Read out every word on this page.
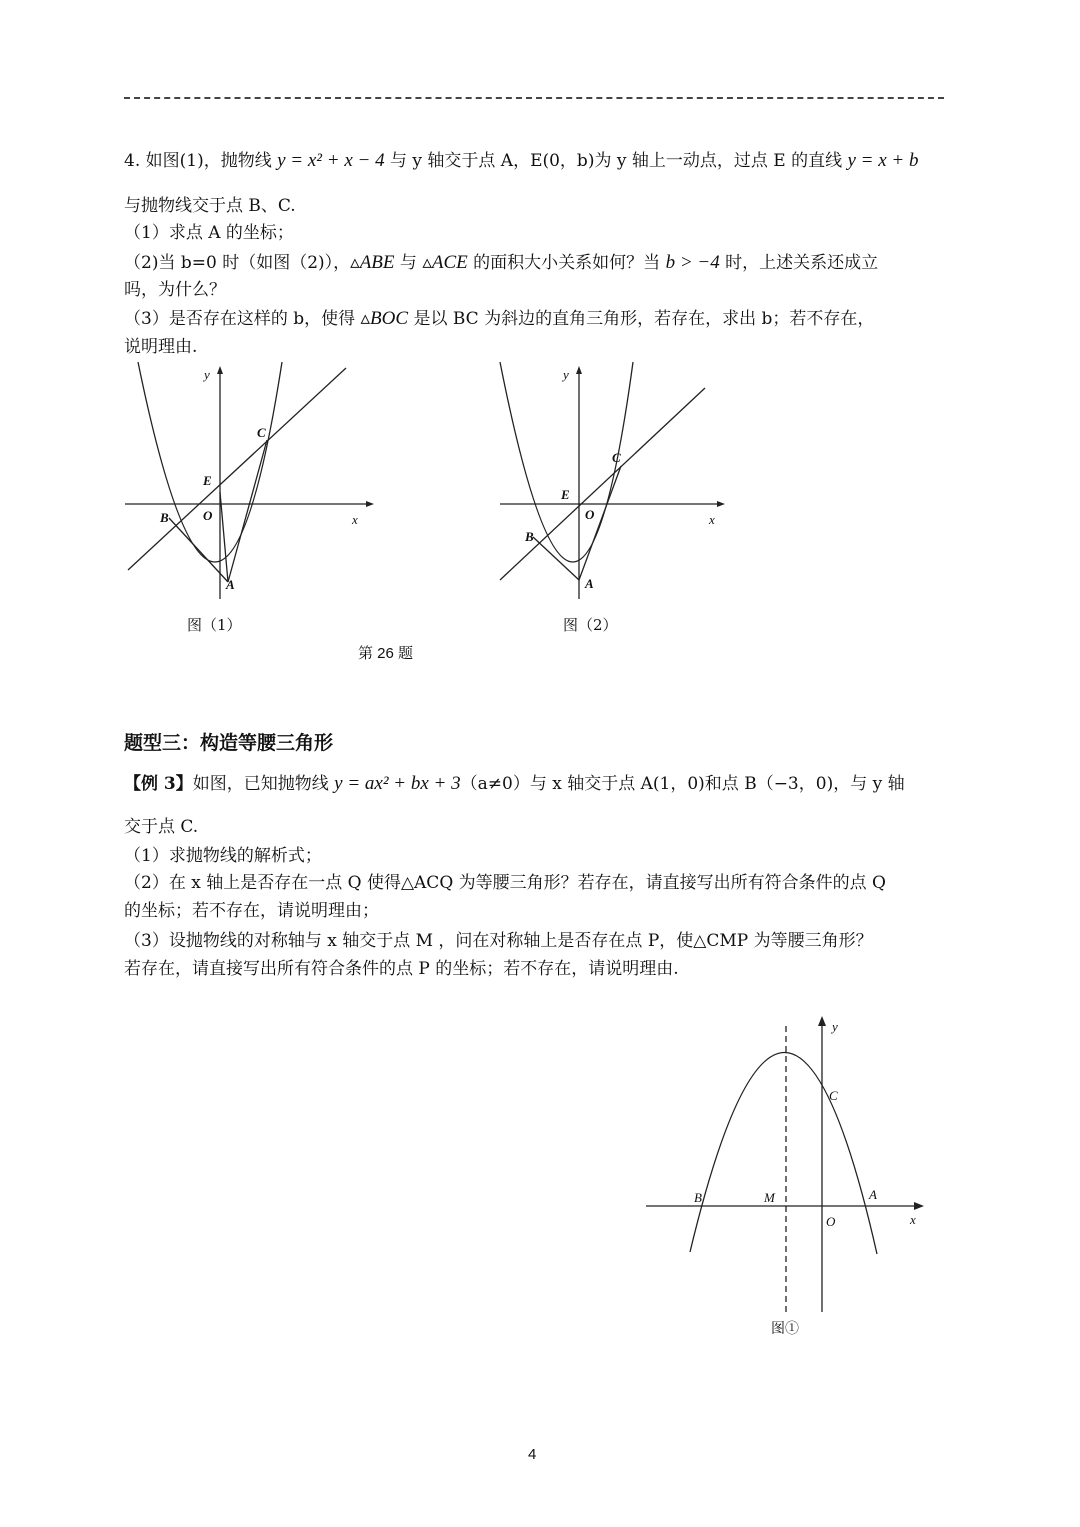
4. 如图(1)，抛物线 y = x² + x − 4 与 y 轴交于点 A，E(0，b)为 y 轴上一动点，过点 E 的直线 y = x + b
与抛物线交于点 B、C.
（1）求点 A 的坐标；
（2)当 b=0 时（如图（2)），▵ABE 与 ▵ACE 的面积大小关系如何？当 b > −4 时，上述关系还成立
吗，为什么？
（3）是否存在这样的 b，使得 ▵BOC 是以 BC 为斜边的直角三角形，若存在，求出 b；若不存在，
说明理由.
y
x
O
B
A
C
E
图（1）
y
x
O
B
A
C
E
图（2）
第 26 题
题型三：构造等腰三角形
【例 3】如图，已知抛物线 y = ax² + bx + 3（a≠0）与 x 轴交于点 A(1，0)和点 B（−3，0)，与 y 轴
交于点 C.
（1）求抛物线的解析式；
（2）在 x 轴上是否存在一点 Q 使得△ACQ 为等腰三角形？若存在，请直接写出所有符合条件的点 Q
的坐标；若不存在，请说明理由；
（3）设抛物线的对称轴与 x 轴交于点 M ，问在对称轴上是否存在点 P，使△CMP 为等腰三角形？
若存在，请直接写出所有符合条件的点 P 的坐标；若不存在，请说明理由.
y
x
O
B	M	A
C
图①
4
